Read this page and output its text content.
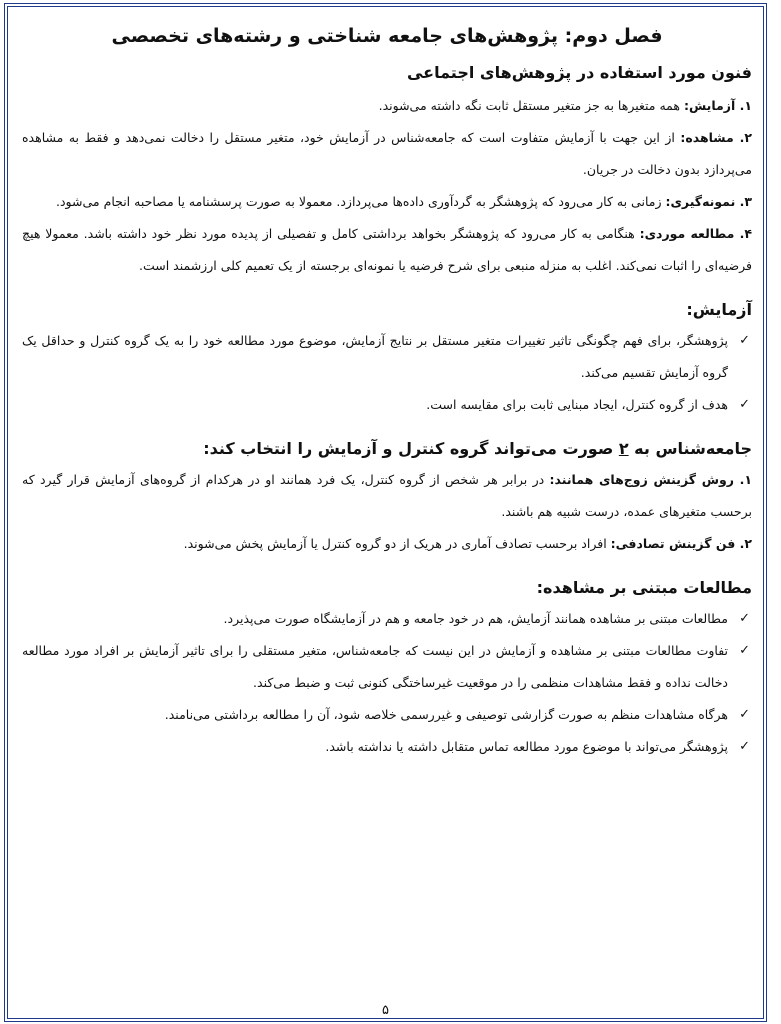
فصل دوم: پژوهش‌های جامعه شناختی و رشته‌های تخصصی
فنون مورد استفاده در پژوهش‌های اجتماعی

۱. آزمایش: همه متغیرها به جز متغیر مستقل ثابت نگه داشته می‌شوند.

۲. مشاهده: از این جهت با آزمایش متفاوت است که جامعه‌شناس در آزمایش خود، متغیر مستقل را دخالت نمی‌دهد و فقط به مشاهده می‌پردازد بدون دخالت در جریان.

۳. نمونه‌گیری: زمانی به کار می‌رود که پژوهشگر به گردآوری داده‌ها می‌پردازد. معمولا به صورت پرسشنامه یا مصاحبه انجام می‌شود.

۴. مطالعه موردی: هنگامی به کار می‌رود که پژوهشگر بخواهد برداشتی کامل و تفصیلی از پدیده مورد نظر خود داشته باشد. معمولا هیچ فرضیه‌ای را اثبات نمی‌کند. اغلب به منزله منبعی برای شرح فرضیه یا نمونه‌ای برجسته از یک تعمیم کلی ارزشمند است.

آزمایش:
✓
پژوهشگر، برای فهم چگونگی تاثیر تغییرات متغیر مستقل بر نتایج آزمایش، موضوع مورد مطالعه خود را به یک گروه کنترل و حداقل یک گروه آزمایش تقسیم می‌کند.
✓
هدف از گروه کنترل، ایجاد مبنایی ثابت برای مقایسه است.
جامعه‌شناس به ۲ صورت می‌تواند گروه کنترل و آزمایش را انتخاب کند:

۱. روش گزینش زوج‌های همانند: در برابر هر شخص از گروه کنترل، یک فرد همانند او در هرکدام از گروه‌های آزمایش قرار گیرد که برحسب متغیرهای عمده، درست شبیه هم باشند.

۲. فن گزینش تصادفی: افراد برحسب تصادف آماری در هریک از دو گروه کنترل یا آزمایش پخش می‌شوند.

مطالعات مبتنی بر مشاهده:
✓
مطالعات مبتنی بر مشاهده همانند آزمایش، هم در خود جامعه و هم در آزمایشگاه صورت می‌پذیرد.
✓
تفاوت مطالعات مبتنی بر مشاهده و آزمایش در این نیست که جامعه‌شناس، متغیر مستقلی را برای تاثیر آزمایش بر افراد مورد مطالعه دخالت نداده و فقط مشاهدات منظمی را در موقعیت غیرساختگی کنونی ثبت و ضبط می‌کند.
✓
هرگاه مشاهدات منظم به صورت گزارشی توصیفی و غیررسمی خلاصه شود، آن را مطالعه برداشتی می‌نامند.
✓
پژوهشگر می‌تواند با موضوع مورد مطالعه تماس متقابل داشته یا نداشته باشد.
۵
